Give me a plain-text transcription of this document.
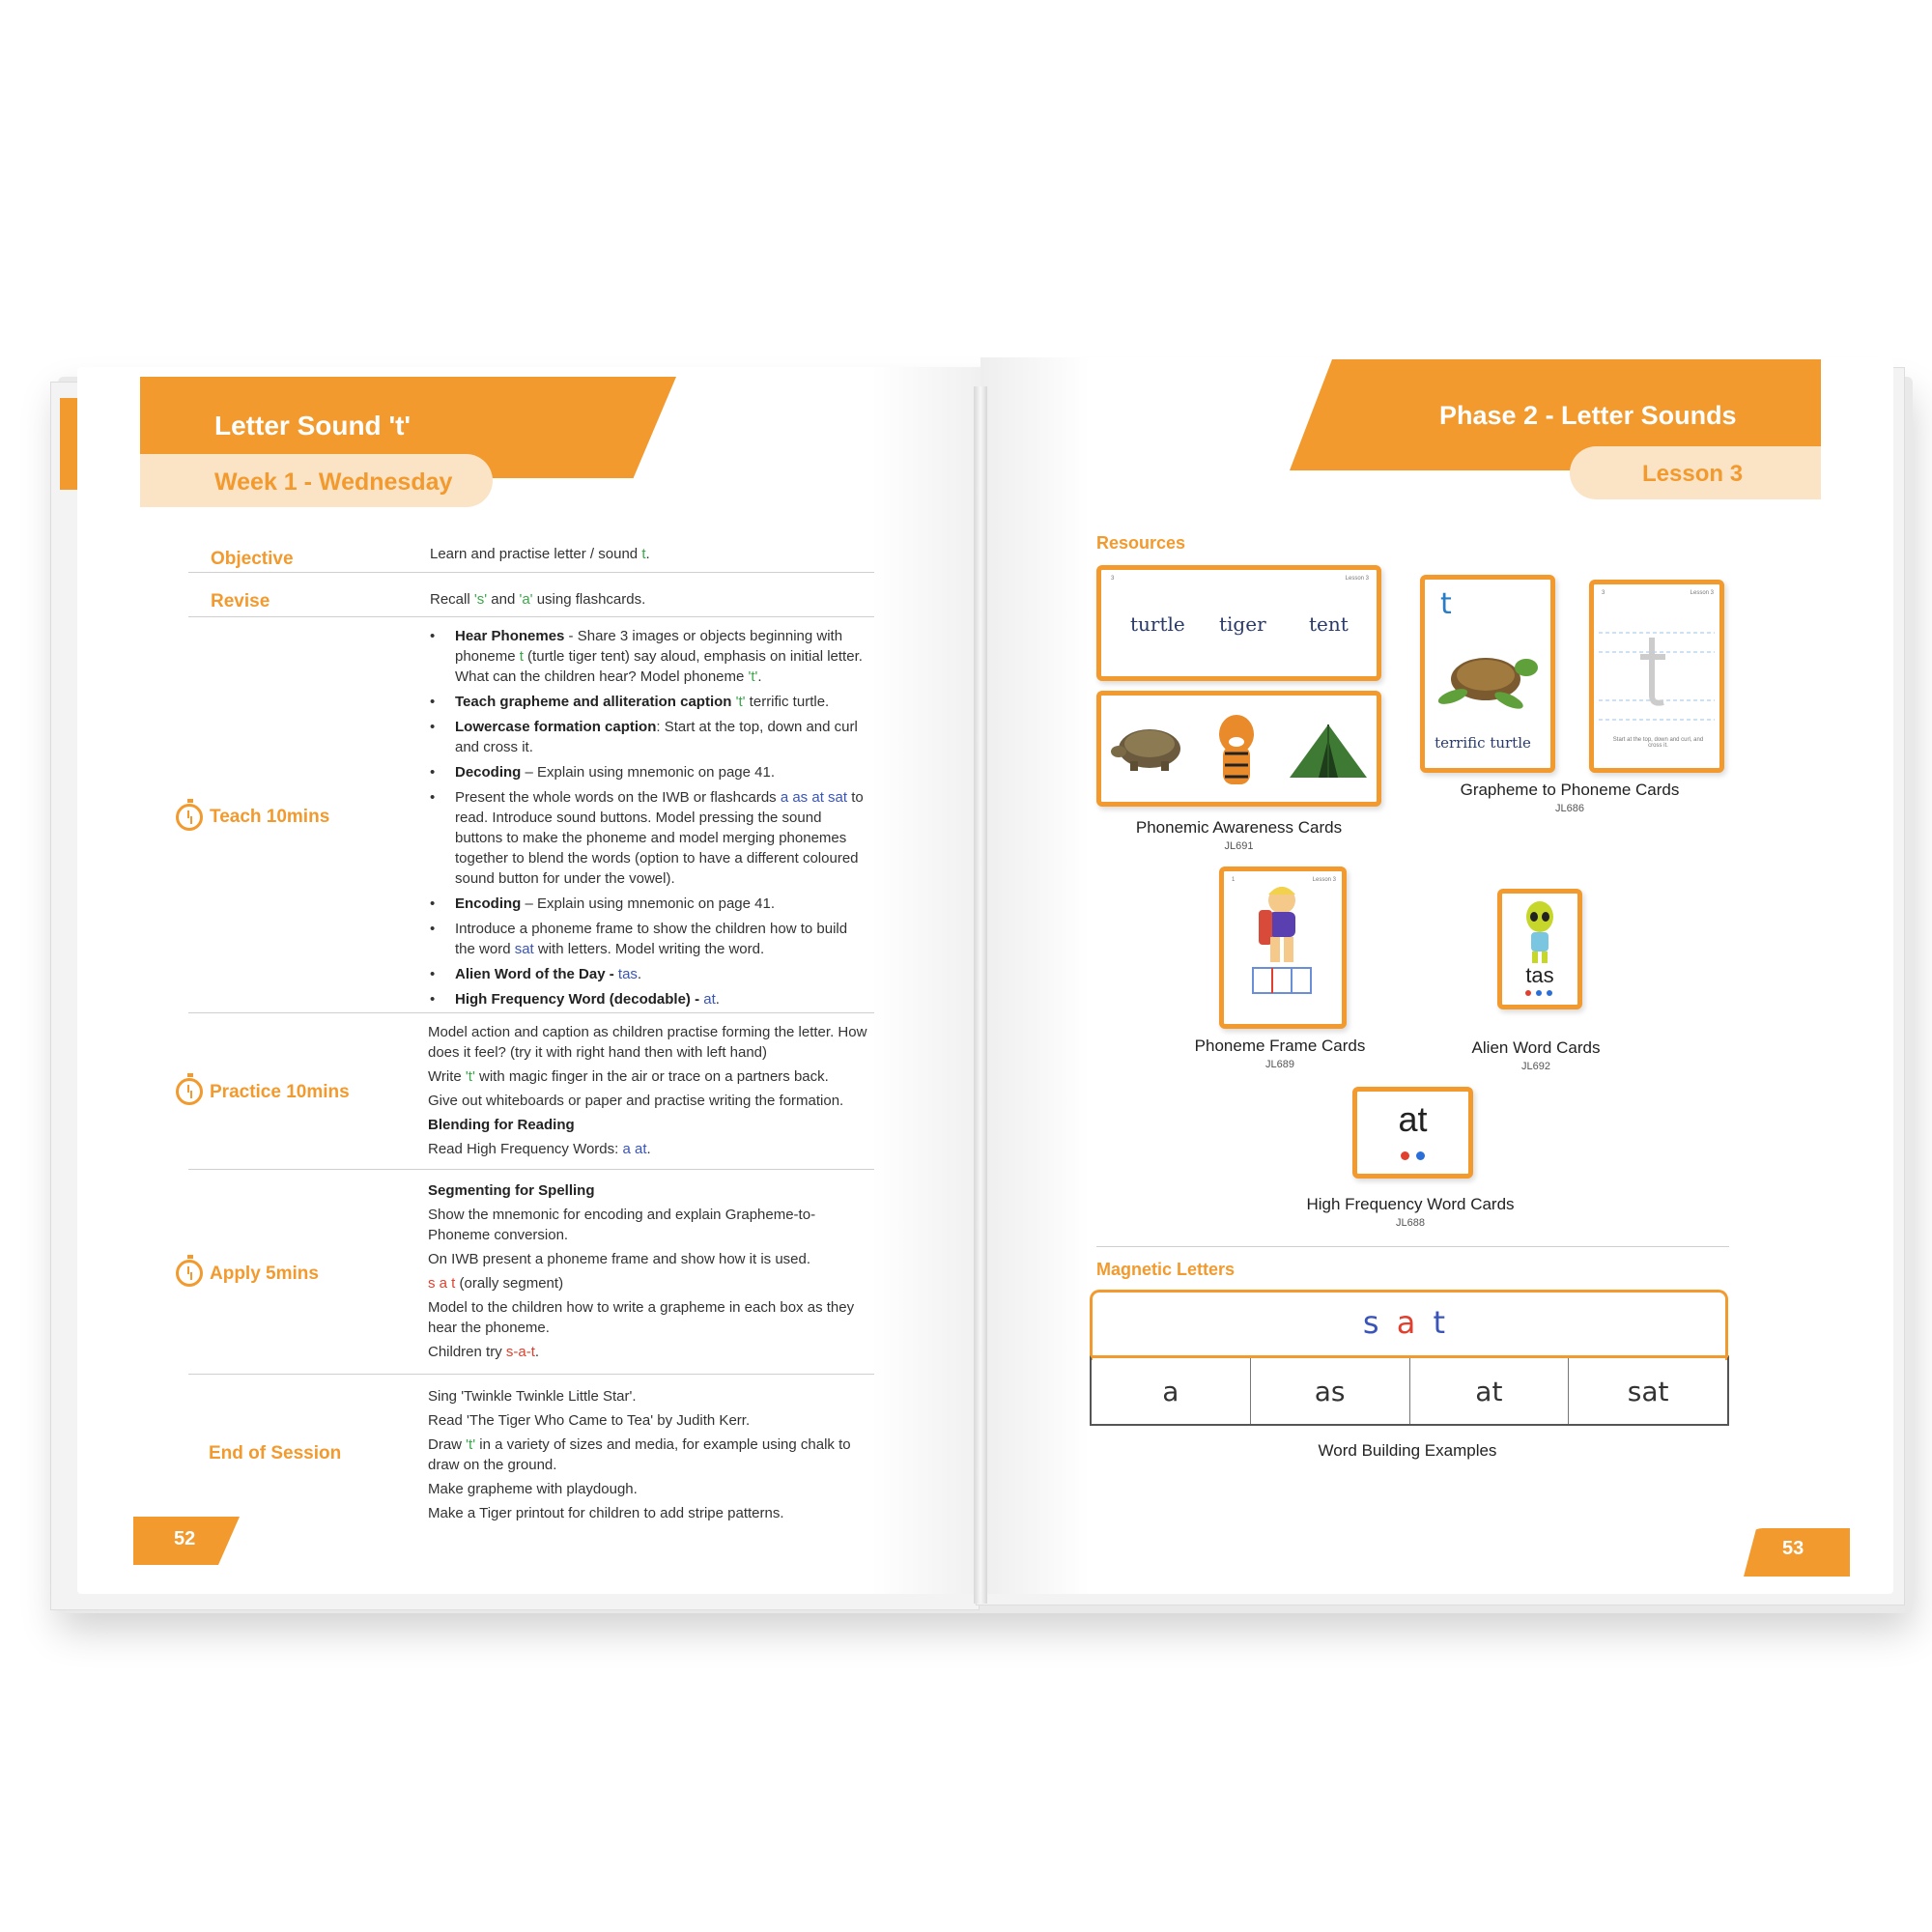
Letter Sound 't'
Week 1 - Wednesday
Objective	Learn and practise letter / sound t.
Revise	Recall 's' and 'a' using flashcards.
Teach 10mins
• Hear Phonemes - Share 3 images or objects beginning with phoneme t (turtle tiger tent) say aloud, emphasis on initial letter. What can the children hear? Model phoneme 't'.
• Teach grapheme and alliteration caption 't' terrific turtle.
• Lowercase formation caption: Start at the top, down and curl and cross it.
• Decoding – Explain using mnemonic on page 41.
• Present the whole words on the IWB or flashcards a as at sat to read. Introduce sound buttons. Model pressing the sound buttons to make the phoneme and model merging phonemes together to blend the words (option to have a different coloured sound button for under the vowel).
• Encoding – Explain using mnemonic on page 41.
• Introduce a phoneme frame to show the children how to build the word sat with letters. Model writing the word.
• Alien Word of the Day - tas.
• High Frequency Word (decodable) - at.
Practice 10mins
Model action and caption as children practise forming the letter. How does it feel? (try it with right hand then with left hand)
Write 't' with magic finger in the air or trace on a partners back.
Give out whiteboards or paper and practise writing the formation.
Blending for Reading
Read High Frequency Words: a at.
Apply 5mins
Segmenting for Spelling
Show the mnemonic for encoding and explain Grapheme-to-Phoneme conversion.
On IWB present a phoneme frame and show how it is used.
s a t (orally segment)
Model to the children how to write a grapheme in each box as they hear the phoneme.
Children try s-a-t.
End of Session
Sing 'Twinkle Twinkle Little Star'.
Read 'The Tiger Who Came to Tea' by Judith Kerr.
Draw 't' in a variety of sizes and media, for example using chalk to draw on the ground.
Make grapheme with playdough.
Make a Tiger printout for children to add stripe patterns.
52
Phase 2 - Letter Sounds
Lesson 3
Resources
3	Lesson 3
turtle tiger tent
Phonemic Awareness Cards
JL691
t
terrific turtle
3	Lesson 3
Start at the top, down and curl, and cross it.
Grapheme to Phoneme Cards
JL686
1	Lesson 3
Phoneme Frame Cards
JL689
tas
Alien Word Cards
JL692
at
High Frequency Word Cards
JL688
Magnetic Letters
s a t
a	as	at	sat
Word Building Examples
53
